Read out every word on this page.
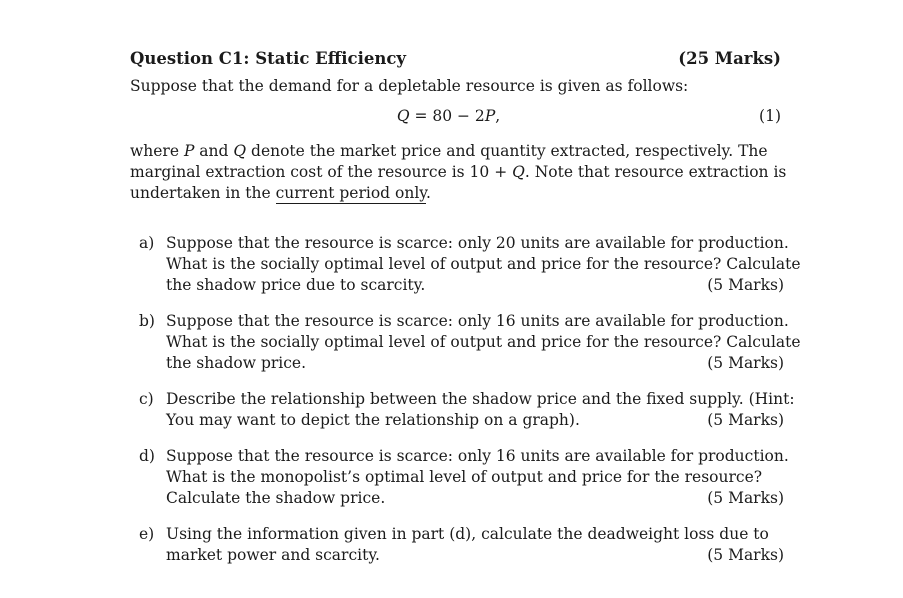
Question C1: Static Efficiency	(25 Marks)
Suppose that the demand for a depletable resource is given as follows:
Q = 80 − 2P,	(1)
where P and Q denote the market price and quantity extracted, respectively. The
marginal extraction cost of the resource is 10 + Q. Note that resource extraction is
undertaken in the current period only.
a) Suppose that the resource is scarce: only 20 units are available for production.
What is the socially optimal level of output and price for the resource? Calculate
the shadow price due to scarcity.	(5 Marks)
b) Suppose that the resource is scarce: only 16 units are available for production.
What is the socially optimal level of output and price for the resource? Calculate
the shadow price.	(5 Marks)
c) Describe the relationship between the shadow price and the fixed supply. (Hint:
You may want to depict the relationship on a graph).	(5 Marks)
d) Suppose that the resource is scarce: only 16 units are available for production.
What is the monopolist’s optimal level of output and price for the resource?
Calculate the shadow price.	(5 Marks)
e) Using the information given in part (d), calculate the deadweight loss due to
market power and scarcity.	(5 Marks)
